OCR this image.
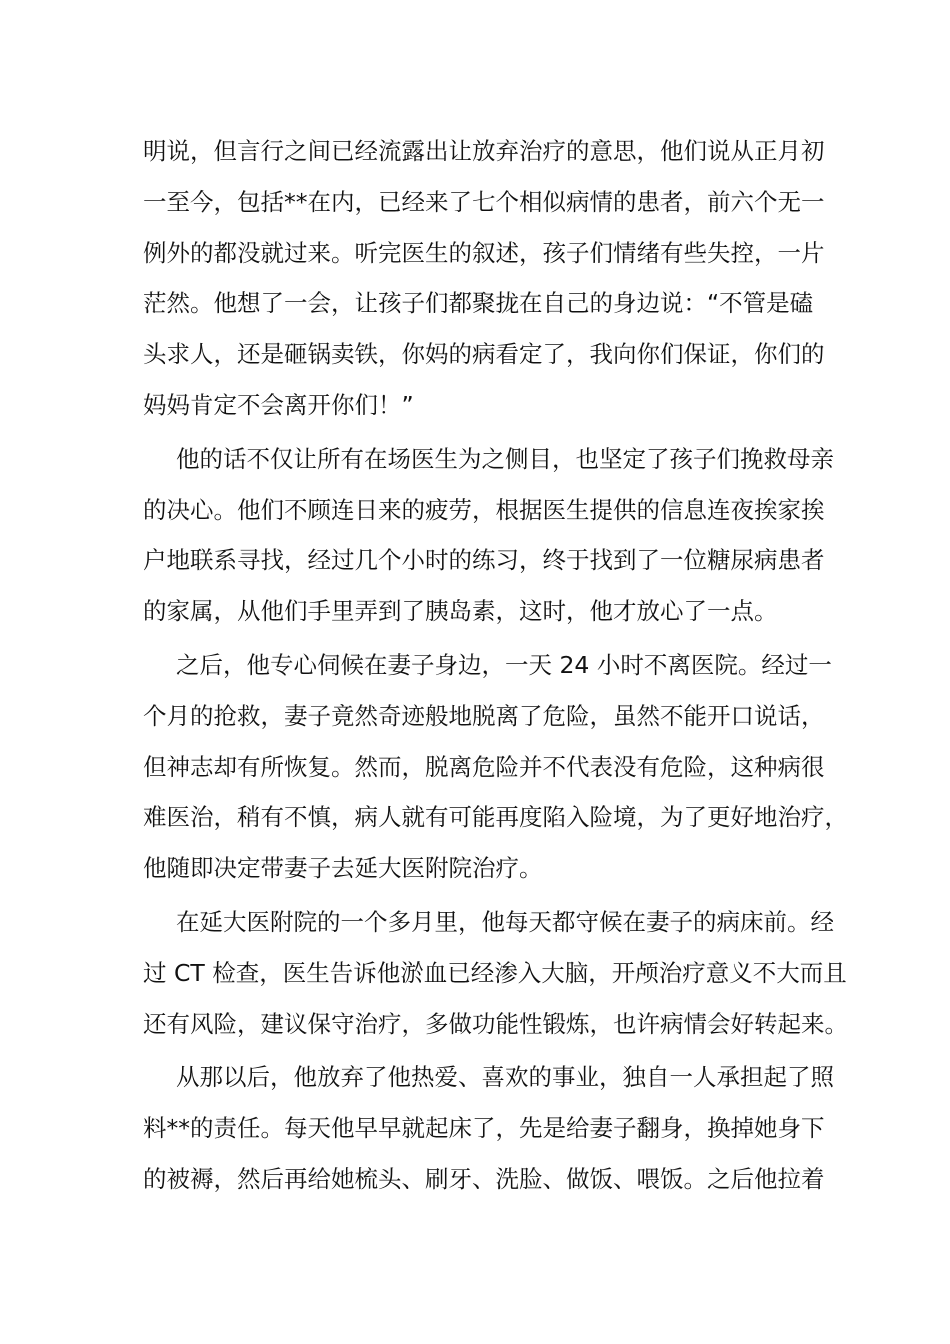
明说，但言行之间已经流露出让放弃治疗的意思，他们说从正月初
一至今，包括**在内，已经来了七个相似病情的患者，前六个无一
例外的都没就过来。听完医生的叙述，孩子们情绪有些失控，一片
茫然。他想了一会，让孩子们都聚拢在自己的身边说：“不管是磕
头求人，还是砸锅卖铁，你妈的病看定了，我向你们保证，你们的
妈妈肯定不会离开你们！”

他的话不仅让所有在场医生为之侧目，也坚定了孩子们挽救母亲
的决心。他们不顾连日来的疲劳，根据医生提供的信息连夜挨家挨
户地联系寻找，经过几个小时的练习，终于找到了一位糖尿病患者
的家属，从他们手里弄到了胰岛素，这时，他才放心了一点。

之后，他专心伺候在妻子身边，一天 24 小时不离医院。经过一
个月的抢救，妻子竟然奇迹般地脱离了危险，虽然不能开口说话，
但神志却有所恢复。然而，脱离危险并不代表没有危险，这种病很
难医治，稍有不慎，病人就有可能再度陷入险境，为了更好地治疗，
他随即决定带妻子去延大医附院治疗。

在延大医附院的一个多月里，他每天都守候在妻子的病床前。经
过 CT 检查，医生告诉他淤血已经渗入大脑，开颅治疗意义不大而且
还有风险，建议保守治疗，多做功能性锻炼，也许病情会好转起来。

从那以后，他放弃了他热爱、喜欢的事业，独自一人承担起了照
料**的责任。每天他早早就起床了，先是给妻子翻身，换掉她身下
的被褥，然后再给她梳头、刷牙、洗脸、做饭、喂饭。之后他拉着
